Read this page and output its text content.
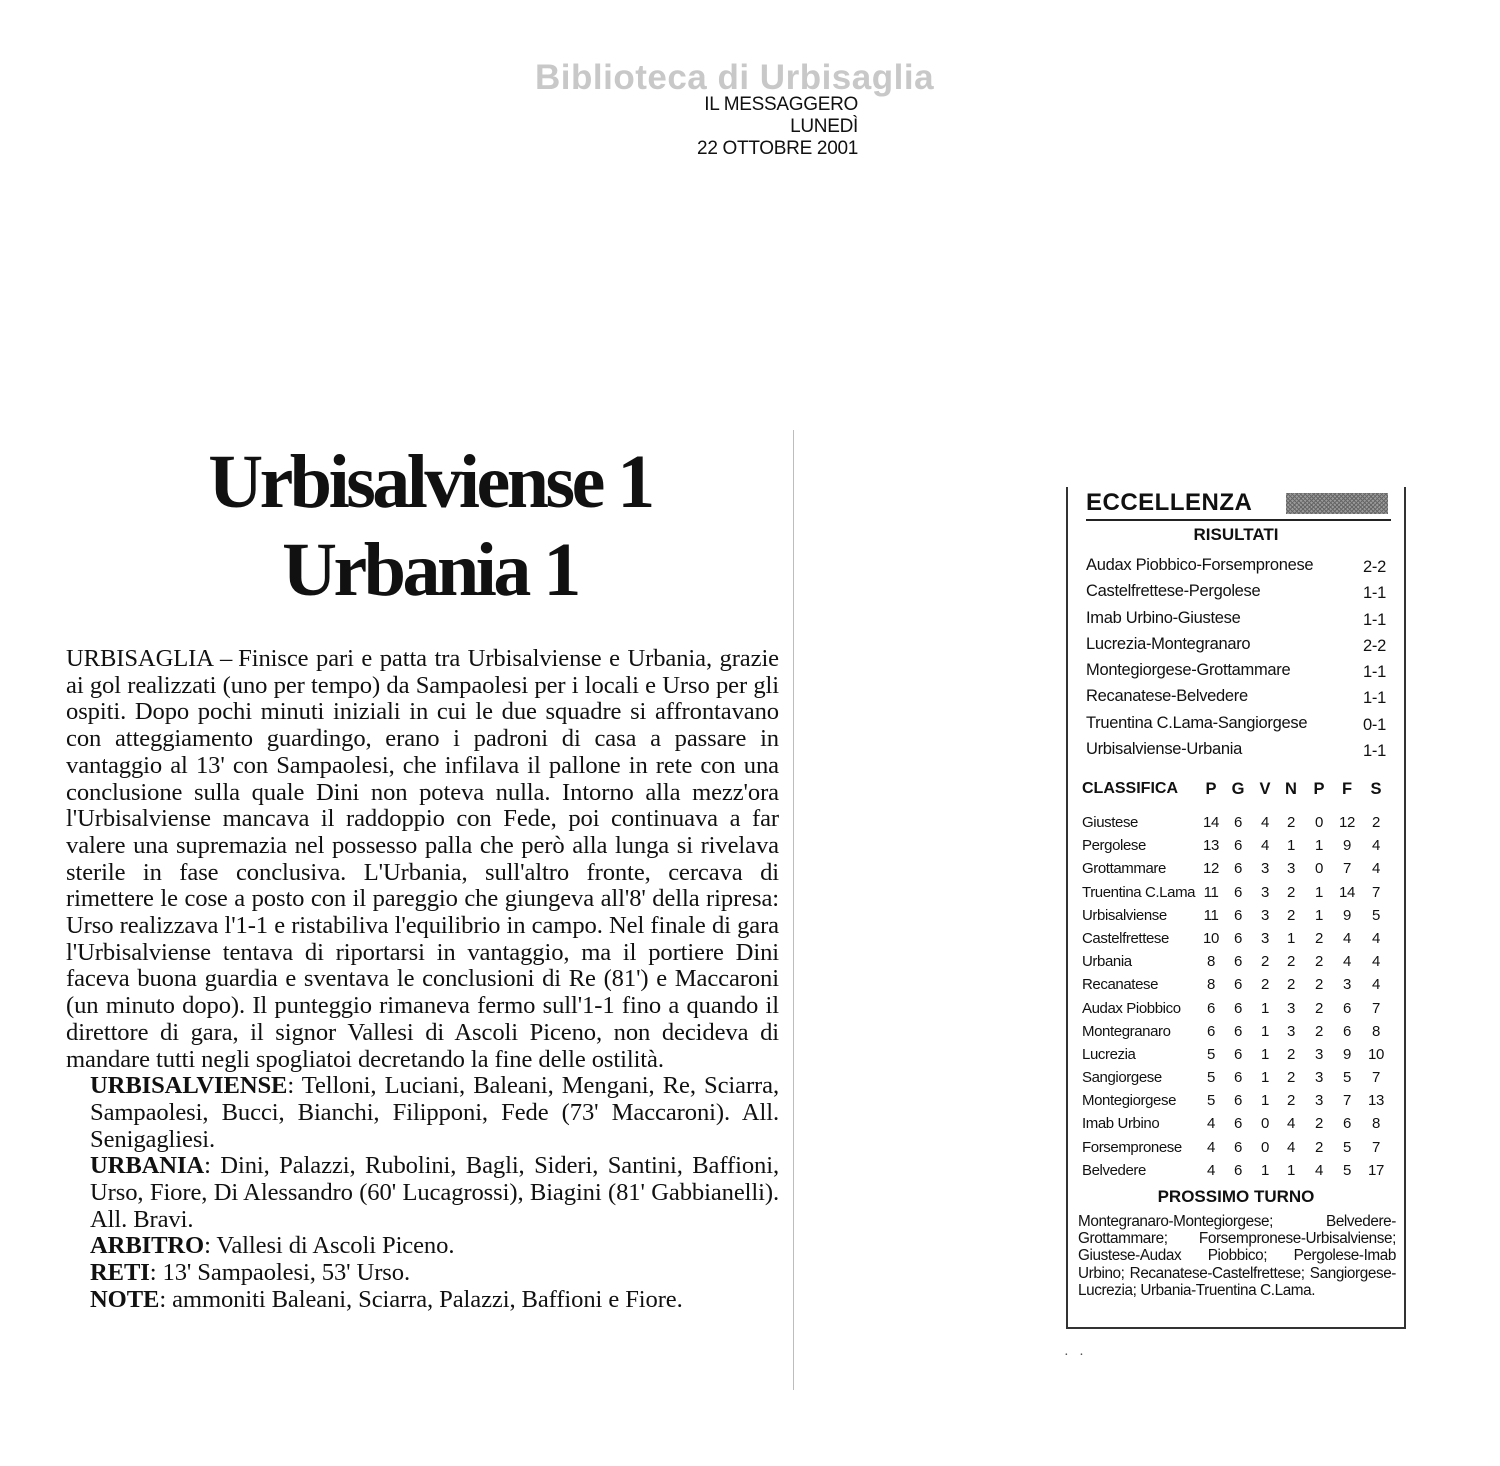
Biblioteca di Urbisaglia
IL MESSAGGERO
LUNEDÌ
22 OTTOBRE 2001
Urbisalviense 1
Urbania 1
URBISAGLIA – Finisce pari e patta tra Urbisalviense e Urbania, grazie ai gol realizzati (uno per tempo) da Sampaolesi per i locali e Urso per gli ospiti. Dopo pochi minuti iniziali in cui le due squadre si affrontavano con atteggiamento guardingo, erano i padroni di casa a passare in vantaggio al 13' con Sampaolesi, che infilava il pallone in rete con una conclusione sulla quale Dini non poteva nulla. Intorno alla mezz'ora l'Urbisalviense mancava il raddoppio con Fede, poi continuava a far valere una supremazia nel possesso palla che però alla lunga si rivelava sterile in fase conclusiva. L'Urbania, sull'altro fronte, cercava di rimettere le cose a posto con il pareggio che giungeva all'8' della ripresa: Urso realizzava l'1-1 e ristabiliva l'equilibrio in campo. Nel finale di gara l'Urbisalviense tentava di riportarsi in vantaggio, ma il portiere Dini faceva buona guardia e sventava le conclusioni di Re (81') e Maccaroni (un minuto dopo). Il punteggio rimaneva fermo sull'1-1 fino a quando il direttore di gara, il signor Vallesi di Ascoli Piceno, non decideva di mandare tutti negli spogliatoi decretando la fine delle ostilità.
URBISALVIENSE: Telloni, Luciani, Baleani, Mengani, Re, Sciarra, Sampaolesi, Bucci, Bianchi, Filipponi, Fede (73' Maccaroni). All. Senigagliesi.
URBANIA: Dini, Palazzi, Rubolini, Bagli, Sideri, Santini, Baffioni, Urso, Fiore, Di Alessandro (60' Lucagrossi), Biagini (81' Gabbianelli). All. Bravi.
ARBITRO: Vallesi di Ascoli Piceno.
RETI: 13' Sampaolesi, 53' Urso.
NOTE: ammoniti Baleani, Sciarra, Palazzi, Baffioni e Fiore.
ECCELLENZA
RISULTATI
Audax Piobbico-Forsempronese	2-2
Castelfrettese-Pergolese	1-1
Imab Urbino-Giustese	1-1
Lucrezia-Montegranaro	2-2
Montegiorgese-Grottammare	1-1
Recanatese-Belvedere	1-1
Truentina C.Lama-Sangiorgese	0-1
Urbisalviense-Urbania	1-1
CLASSIFICA	P G V N	P	F	S
Giustese	14	6	4	2	0	12	2
Pergolese	13	6	4	1	1	9	4
Grottammare	12	6	3	3	0	7	4
Truentina C.Lama 11	6	3	2	1	14	7
Urbisalviense	11	6	3	2	1	9	5
Castelfrettese	10	6	3	1	2	4	4
Urbania	8	6	2	2	2	4	4
Recanatese	8	6	2	2	2	3	4
Audax Piobbico	6	6	1	3	2	6	7
Montegranaro	6	6	1	3	2	6	8
Lucrezia	5	6	1	2	3	9	10
Sangiorgese	5	6	1	2	3	5	7
Montegiorgese	5	6	1	2	3	7	13
Imab Urbino	4	6	0	4	2	6	8
Forsempronese	4	6	0	4	2	5	7
Belvedere	4	6	1	1	4	5	17
PROSSIMO TURNO
Montegranaro-Montegiorgese; Belvedere-Grottammare; Forsempronese-Urbisalviense; Giustese-Audax Piobbico; Pergolese-Imab Urbino; Recanatese-Castelfrettese; Sangiorgese-Lucrezia; Urbania-Truentina C.Lama.
·   ·
